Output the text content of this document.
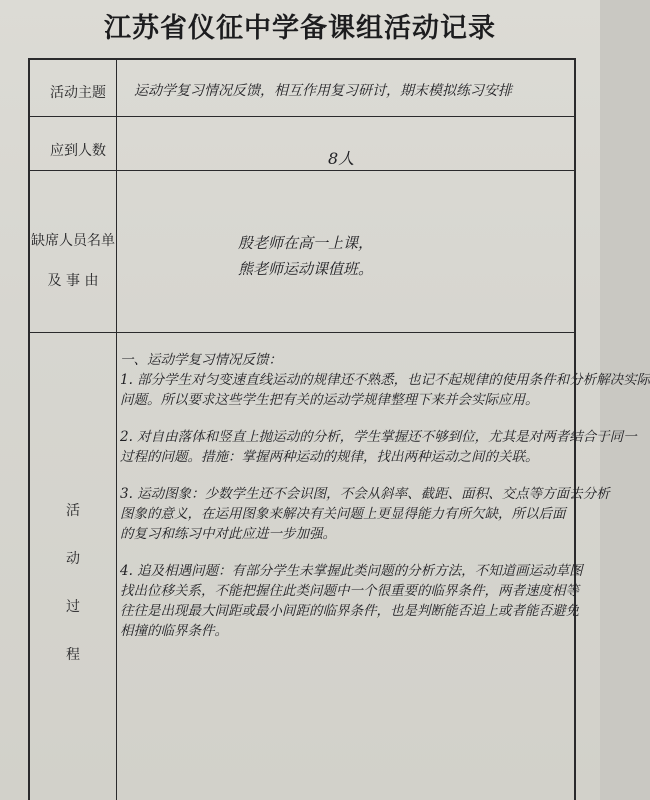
江苏省仪征中学备课组活动记录
活动主题 运动学复习情况反馈，相互作用复习研讨，期末模拟练习安排
应到人数	8人
缺席人员名单
及 事 由
殷老师在高一上课，
熊老师运动课值班。
活
动
过
程
一、运动学复习情况反馈：
1. 部分学生对匀变速直线运动的规律还不熟悉，也记不起规律的使用条件和分析解决实际
问题。所以要求这些学生把有关的运动学规律整理下来并会实际应用。
2. 对自由落体和竖直上抛运动的分析，学生掌握还不够到位，尤其是对两者结合于同一
过程的问题。措施：掌握两种运动的规律，找出两种运动之间的关联。
3. 运动图象：少数学生还不会识图，不会从斜率、截距、面积、交点等方面去分析
图象的意义，在运用图象来解决有关问题上更显得能力有所欠缺，所以后面
的复习和练习中对此应进一步加强。
4. 追及相遇问题：有部分学生未掌握此类问题的分析方法，不知道画运动草图
找出位移关系，不能把握住此类问题中一个很重要的临界条件，两者速度相等
往往是出现最大间距或最小间距的临界条件，也是判断能否追上或者能否避免
相撞的临界条件。
